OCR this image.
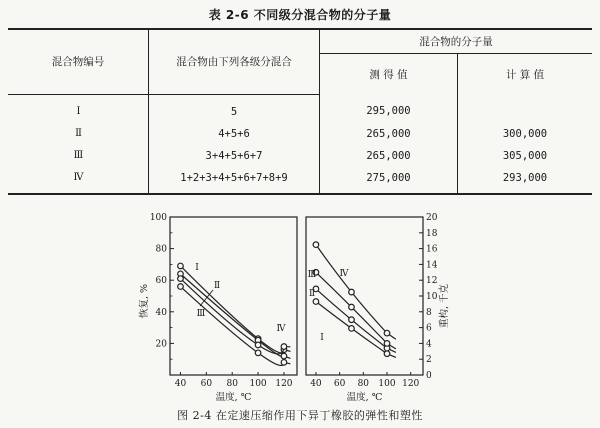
表 2-6 不同级分混合物的分子量
混合物编号	混合物由下列各级分混合	混合物的分子量	
		测 得 值	计 算 值
Ⅰ	5	295,000	
Ⅱ	4+5+6	265,000	300,000
Ⅲ	3+4+5+6+7	265,000	305,000
Ⅳ	1+2+3+4+5+6+7+8+9	275,000	293,000
20
40
60
80
100
40 60 80 100 120
温度, ℃
恢复, %
Ⅰ
Ⅱ
Ⅲ
Ⅳ
0
2
4
6
8
10
12
14
16
18
20
40 60 80 100 120
温度, ℃
重构, 千克
Ⅰ
Ⅱ
Ⅲ	Ⅳ
图 2-4 在定速压缩作用下异丁橡胶的弹性和塑性
